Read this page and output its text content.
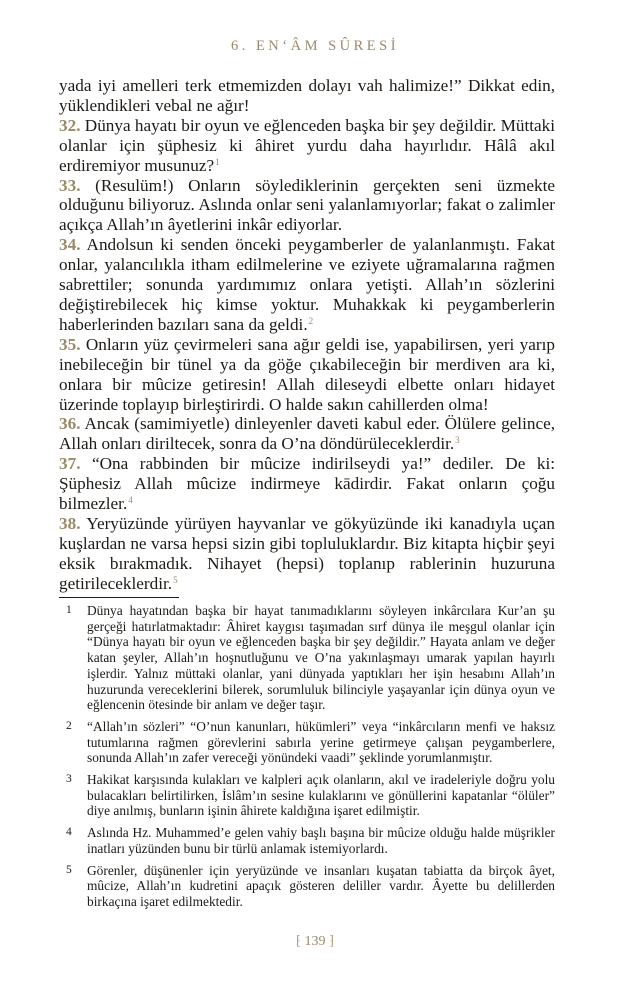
6. EN‘ÂM SÛRESİ

yada iyi amelleri terk etmemizden dolayı vah halimize!” Dikkat edin, yüklendikleri vebal ne ağır!

32. Dünya hayatı bir oyun ve eğlenceden başka bir şey değildir. Müttaki olanlar için şüphesiz ki âhiret yurdu daha hayırlıdır. Hâlâ akıl erdiremiyor musunuz?$^1$

33. (Resulüm!) Onların söylediklerinin gerçekten seni üzmekte olduğunu biliyoruz. Aslında onlar seni yalanlamıyorlar; fakat o zalimler açıkça Allah’ın âyetlerini inkâr ediyorlar.

34. Andolsun ki senden önceki peygamberler de yalanlanmıştı. Fakat onlar, yalancılıkla itham edilmelerine ve eziyete uğramalarına rağmen sabrettiler; sonunda yardımımız onlara yetişti. Allah’ın sözlerini değiştirebilecek hiç kimse yoktur. Muhakkak ki peygamberlerin haberlerinden bazıları sana da geldi.$^2$

35. Onların yüz çevirmeleri sana ağır geldi ise, yapabilirsen, yeri yarıp inebileceğin bir tünel ya da göğe çıkabileceğin bir merdiven ara ki, onlara bir mûcize getiresin! Allah dileseydi elbette onları hidayet üzerinde toplayıp birleştirirdi. O halde sakın cahillerden olma!

36. Ancak (samimiyetle) dinleyenler daveti kabul eder. Ölülere gelince, Allah onları diriltecek, sonra da O’na döndürüleceklerdir.$^3$

37. “Ona rabbinden bir mûcize indirilseydi ya!” dediler. De ki: Şüphesiz Allah mûcize indirmeye kādirdir. Fakat onların çoğu bilmezler.$^4$

38. Yeryüzünde yürüyen hayvanlar ve gökyüzünde iki kanadıyla uçan kuşlardan ne varsa hepsi sizin gibi topluluklardır. Biz kitapta hiçbir şeyi eksik bırakmadık. Nihayet (hepsi) toplanıp rablerinin huzuruna getirileceklerdir.$^5$

1	Dünya hayatından başka bir hayat tanımadıklarını söyleyen inkârcılara Kur’an şu gerçeği hatırlatmaktadır: Âhiret kaygısı taşımadan sırf dünya ile meşgul olanlar için “Dünya hayatı bir oyun ve eğlenceden başka bir şey değildir.” Hayata anlam ve değer katan şeyler, Allah’ın hoşnutluğunu ve O’na yakınlaşmayı umarak yapılan hayırlı işlerdir. Yalnız müttaki olanlar, yani dünyada yaptıkları her işin hesabını Allah’ın huzurunda vereceklerini bilerek, sorumluluk bilinciyle yaşayanlar için dünya oyun ve eğlencenin ötesinde bir anlam ve değer taşır.
2	“Allah’ın sözleri” “O’nun kanunları, hükümleri” veya “inkârcıların menfi ve haksız tutumlarına rağmen görevlerini sabırla yerine getirmeye çalışan peygamberlere, sonunda Allah’ın zafer vereceği yönündeki vaadi” şeklinde yorumlanmıştır.
3	Hakikat karşısında kulakları ve kalpleri açık olanların, akıl ve iradeleriyle doğru yolu bulacakları belirtilirken, İslâm’ın sesine kulaklarını ve gönüllerini kapatanlar “ölüler” diye anılmış, bunların işinin âhirete kaldığına işaret edilmiştir.
4	Aslında Hz. Muhammed’e gelen vahiy başlı başına bir mûcize olduğu halde müşrikler inatları yüzünden bunu bir türlü anlamak istemiyorlardı.
5	Görenler, düşünenler için yeryüzünde ve insanları kuşatan tabiatta da birçok âyet, mûcize, Allah’ın kudretini apaçık gösteren deliller vardır. Âyette bu delillerden birkaçına işaret edilmektedir.
⁅ 139 ⁆
